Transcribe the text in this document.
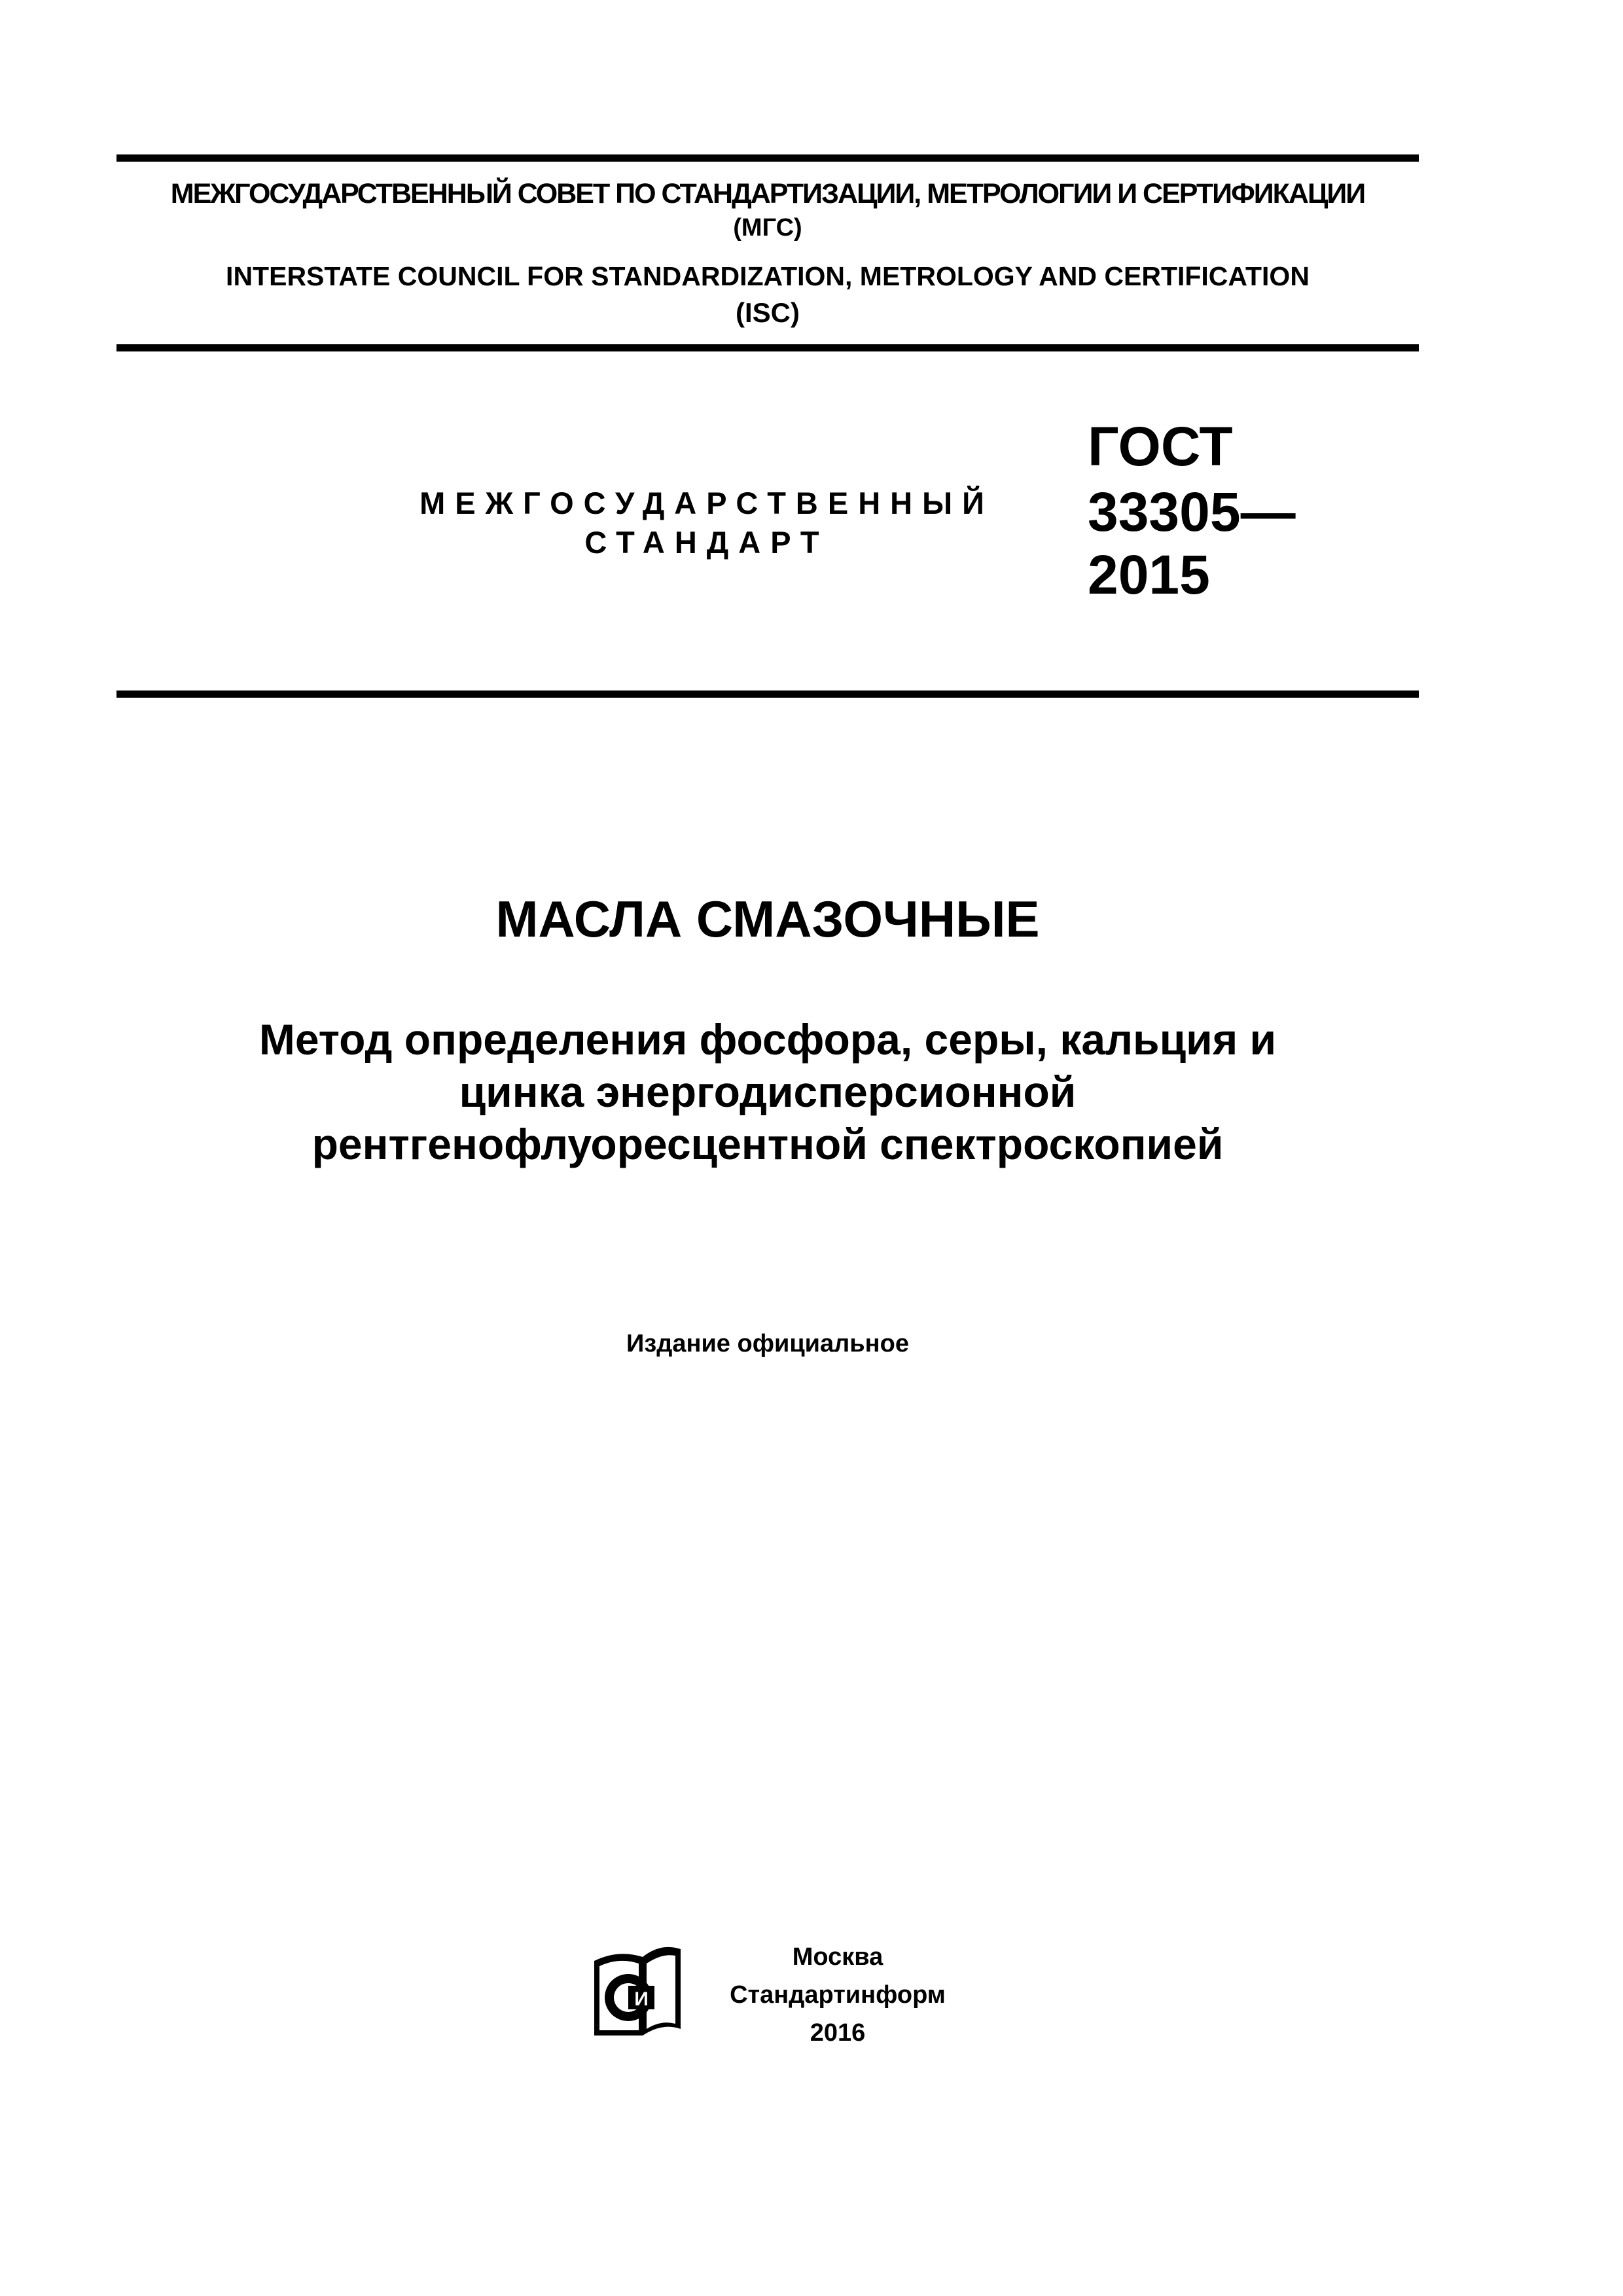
МЕЖГОСУДАРСТВЕННЫЙ СОВЕТ ПО СТАНДАРТИЗАЦИИ, МЕТРОЛОГИИ И СЕРТИФИКАЦИИ
(МГС)
INTERSTATE COUNCIL FOR STANDARDIZATION, METROLOGY AND CERTIFICATION
(ISC)
МЕЖГОСУДАРСТВЕННЫЙ
СТАНДАРТ
ГОСТ
33305—
2015
МАСЛА СМАЗОЧНЫЕ
Метод определения фосфора, серы, кальция и
цинка энергодисперсионной
рентгенофлуоресцентной спектроскопией
Издание официальное
И
Москва
Стандартинформ
2016
